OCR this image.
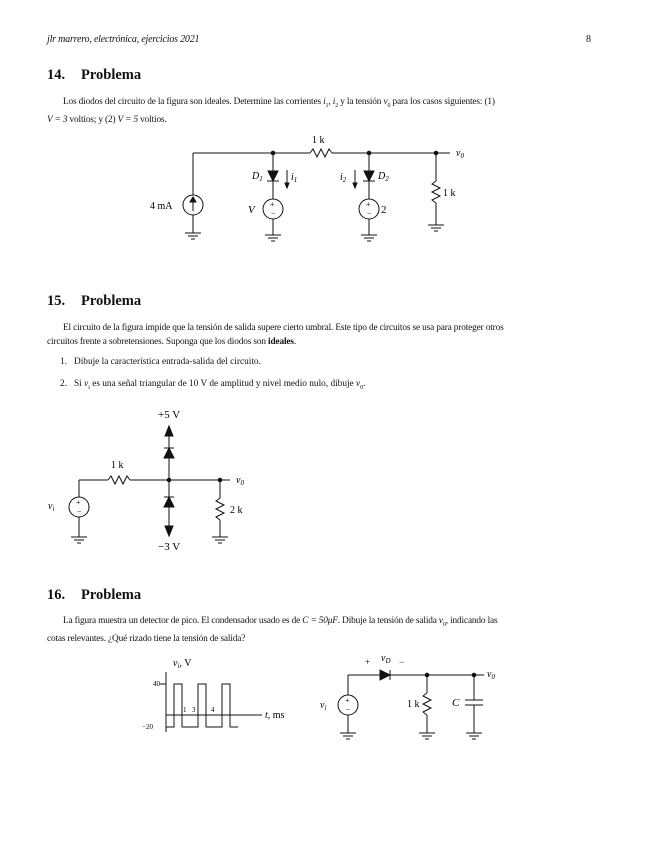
jlr marrero, electrónica, ejercicios 2021	8
14. Problema
Los diodos del circuito de la figura son ideales. Determine las corrientes $i_1$, $i_2$ y la tensión $v_0$ para los casos siguientes: (1)
V = 3 voltios; y (2) V = 5 voltios.
1 k
$v_0$
4 mA	+
−
$D_1$	$i_1$
V	+
−
$i_2$	$D_2$
2
1 k
15. Problema
El circuito de la figura impide que la tensión de salida supere cierto umbral. Este tipo de circuitos se usa para proteger otros
circuitos frente a sobretensiones. Suponga que los diodos son ideales.
1. Dibuje la característica entrada-salida del circuito.
2. Si $v_i$ es una señal triangular de 10 V de amplitud y nivel medio nulo, dibuje $v_0$.
+5 V
1 k
$v_0$
+
−
$v_i$
−3 V
2 k
16. Problema
La figura muestra un detector de pico. El condensador usado es de C = 50μF. Dibuje la tensión de salida $v_0$, indicando las
cotas relevantes. ¿Qué rizado tiene la tensión de salida?
$v_i$, V
40
−20
1 3 4	t, ms
+ $v_D$ −
$v_0$
+
−
$v_i$	1 k	C
